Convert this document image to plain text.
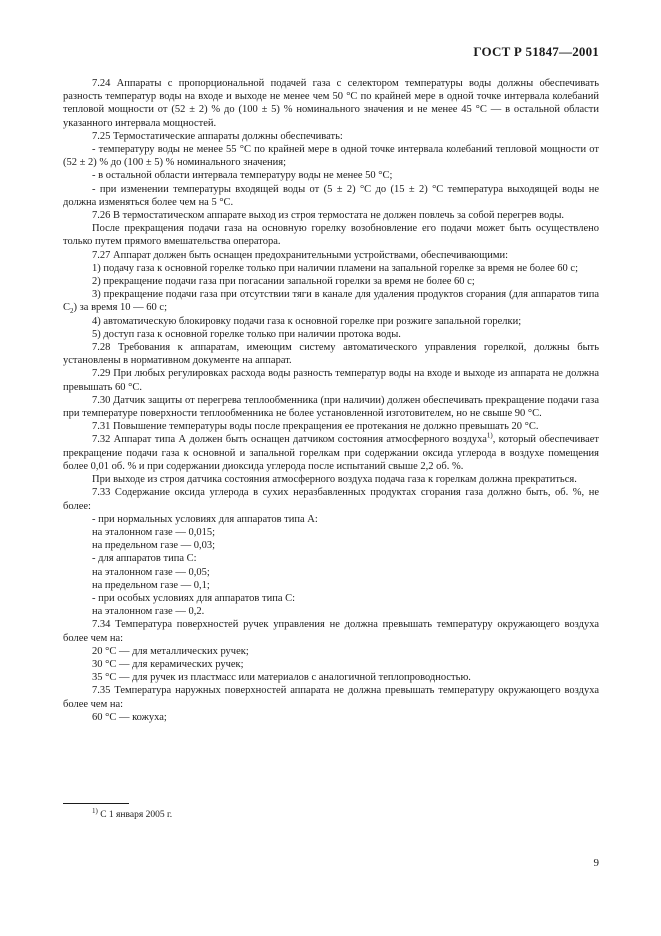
ГОСТ Р 51847—2001

7.24 Аппараты с пропорциональной подачей газа с селектором температуры воды должны обеспечивать разность температур воды на входе и выходе не менее чем 50 °С по крайней мере в одной точке интервала колебаний тепловой мощности от (52 ± 2) % до (100 ± 5) % номинального значения и не менее 45 °С — в остальной области указанного интервала мощностей.

7.25 Термостатические аппараты должны обеспечивать:

- температуру воды не менее 55 °С по крайней мере в одной точке интервала колебаний тепловой мощности от (52 ± 2) % до (100 ± 5) % номинального значения;

- в остальной области интервала температуру воды не менее 50 °С;

- при изменении температуры входящей воды от (5 ± 2) °С до (15 ± 2) °С температура выходящей воды не должна изменяться более чем на 5 °С.

7.26 В термостатическом аппарате выход из строя термостата не должен повлечь за собой перегрев воды.

После прекращения подачи газа на основную горелку возобновление его подачи может быть осуществлено только путем прямого вмешательства оператора.

7.27 Аппарат должен быть оснащен предохранительными устройствами, обеспечивающими:

1) подачу газа к основной горелке только при наличии пламени на запальной горелке за время не более 60 с;

2) прекращение подачи газа при погасании запальной горелки за время не более 60 с;

3) прекращение подачи газа при отсутствии тяги в канале для удаления продуктов сгорания (для аппаратов типа $С_2$) за время 10 — 60 с;

4) автоматическую блокировку подачи газа к основной горелке при розжиге запальной горелки;

5) доступ газа к основной горелке только при наличии протока воды.

7.28 Требования к аппаратам, имеющим систему автоматического управления горелкой, должны быть установлены в нормативном документе на аппарат.

7.29 При любых регулировках расхода воды разность температур воды на входе и выходе из аппарата не должна превышать 60 °С.

7.30 Датчик защиты от перегрева теплообменника (при наличии) должен обеспечивать прекращение подачи газа при температуре поверхности теплообменника не более установленной изготовителем, но не свыше 90 °С.

7.31 Повышение температуры воды после прекращения ее протекания не должно превышать 20 °С.

7.32 Аппарат типа А должен быть оснащен датчиком состояния атмосферного воздуха$^{1)}$, который обеспечивает прекращение подачи газа к основной и запальной горелкам при содержании оксида углерода в воздухе помещения более 0,01 об. % и при содержании диоксида углерода после испытаний свыше 2,2 об. %.

При выходе из строя датчика состояния атмосферного воздуха подача газа к горелкам должна прекратиться.

7.33 Содержание оксида углерода в сухих неразбавленных продуктах сгорания газа должно быть, об. %, не более:

- при нормальных условиях для аппаратов типа А:

на эталонном газе — 0,015;

на предельном газе — 0,03;

- для аппаратов типа С:

на эталонном газе — 0,05;

на предельном газе — 0,1;

- при особых условиях для аппаратов типа С:

на эталонном газе — 0,2.

7.34 Температура поверхностей ручек управления не должна превышать температуру окружающего воздуха более чем на:

20 °С — для металлических ручек;

30 °С — для керамических ручек;

35 °С — для ручек из пластмасс или материалов с аналогичной теплопроводностью.

7.35 Температура наружных поверхностей аппарата не должна превышать температуру окружающего воздуха более чем на:

60 °С — кожуха;

$^{1)}$ С 1 января 2005 г.
9
